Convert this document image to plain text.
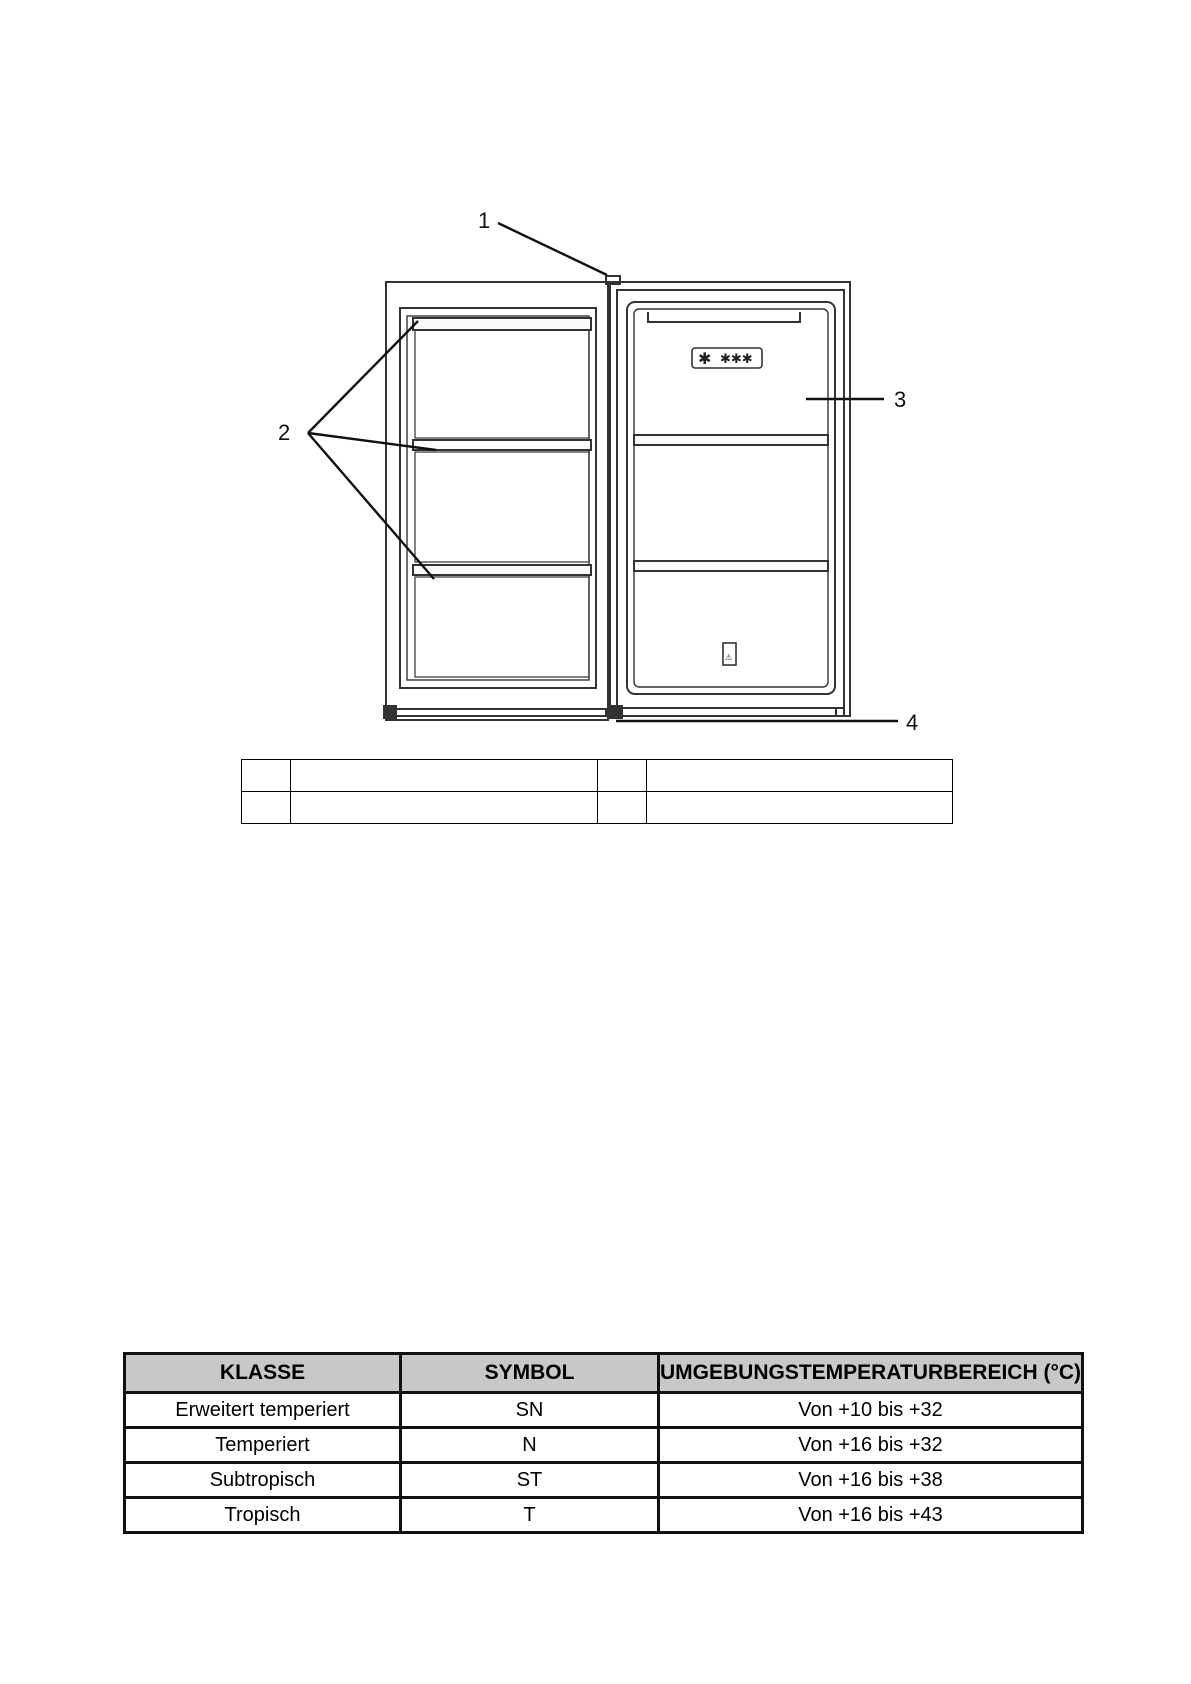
✱ ✱✱✱
⚠
1
2
3
4

KLASSE	SYMBOL	UMGEBUNGSTEMPERATURBEREICH (°C)
Erweitert temperiert	SN	Von +10 bis +32
Temperiert	N	Von +16 bis +32
Subtropisch	ST	Von +16 bis +38
Tropisch	T	Von +16 bis +43
